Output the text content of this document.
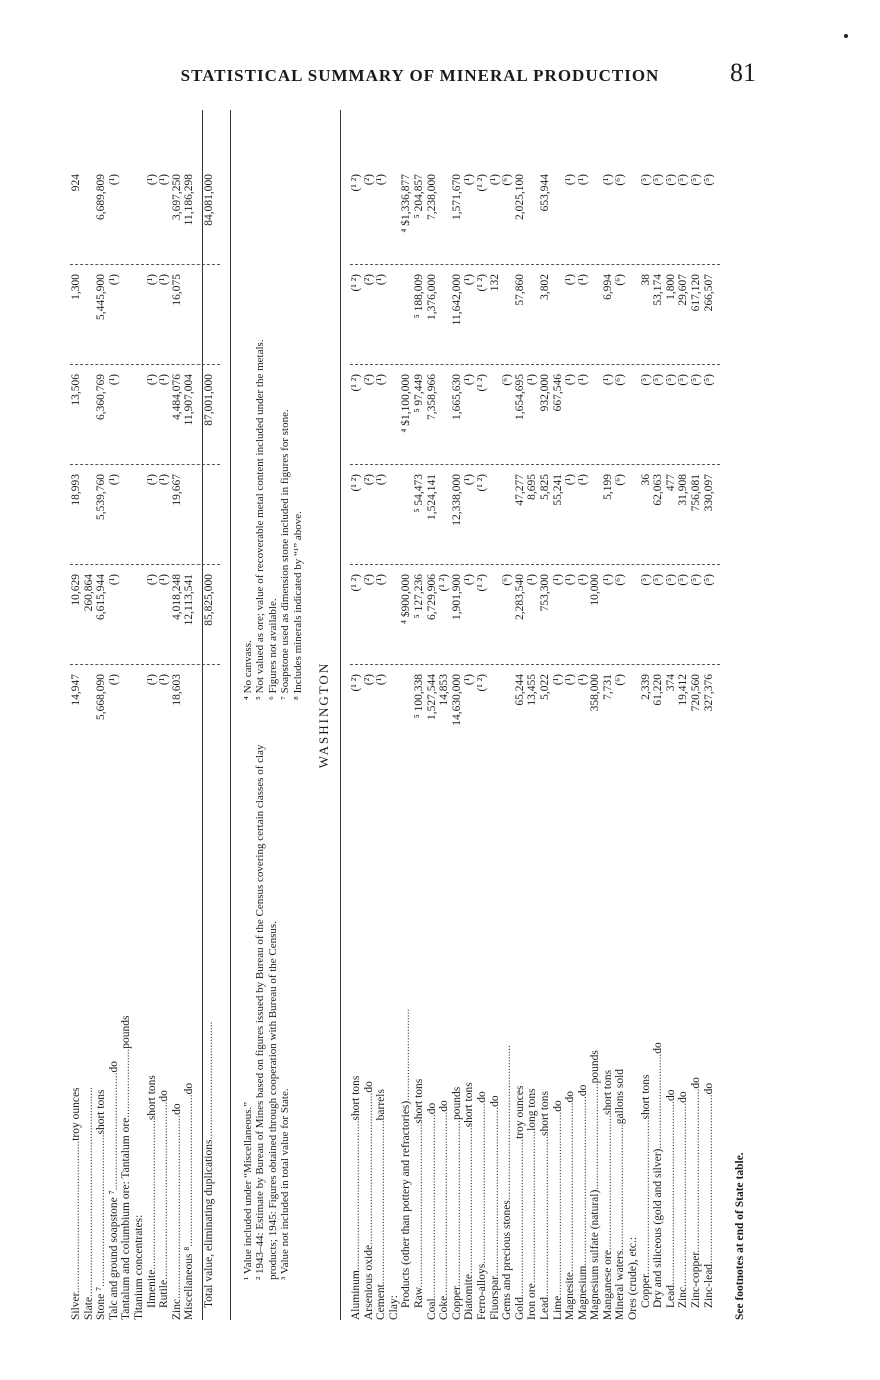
STATISTICAL SUMMARY OF MINERAL PRODUCTION	81
Silver.....................................................troy ounces
14,947
10,629
18,993
13,506
1,300
924
Slate.........................................................................
260,864
Stone ⁷.....................................................short tons
5,668,090
6,615,944
5,539,760
6,360,769
5,445,900
6,689,809
Talc and ground soapstone ⁷.........................................do
(¹)
(¹)
(¹)
(¹)
(¹)
(¹)
Tantalum and columbium ore: Tantalum ore........................pounds
Titanium concentrates: Ilmenite....................................................short tons
(¹)
(¹)
(¹)
(¹)
(¹)
(¹)
Rutile..............................................................do
(¹)
(¹)
(¹)
(¹)
(¹)
(¹)
Zinc................................................................do
18,603
4,018,248
19,667
4,484,076
16,075
3,697,250
Miscellaneous ⁸.....................................................do
12,113,541
11,907,004
11,186,298
Total value, eliminating duplications.........................................
85,825,000
87,001,000
84,081,000
¹ Value included under “Miscellaneous.” ² 1943–44: Estimate by Bureau of Mines based on figures issued by Bureau of the Census covering certain classes of clay products; 1945: Figures obtained through cooperation with Bureau of the Census. ³ Value not included in total value for State.
⁴ No canvass. ⁵ Not valued as ore; value of recoverable metal content included under the metals. ⁶ Figures not available. ⁷ Soapstone used as dimension stone included in figures for stone. ⁸ Includes minerals indicated by “¹” above.
WASHINGTON
Aluminum....................................................short tons
(¹ ²)
(¹ ²)
(¹ ²)
(¹ ²)
(¹ ²)
(¹ ²)
Arsenious oxide.....................................................do
(²)
(²)
(²)
(²)
(²)
(²)
Cement.........................................................barrels
(¹)
(¹)
(¹)
(¹)
(¹)
(¹)
Clay: Products (other than pottery and refractories)................................
⁴ $900,000
⁴ $1,100,000
⁴ $1,336,877
Raw.........................................................short tons
⁵ 100,338
⁵ 127,236
⁵ 54,473
⁵ 97,449
⁵ 188,009
⁵ 204,857
Coal................................................................do
1,527,544
6,729,906
1,524,141
7,358,966
1,376,000
7,238,000
Coke................................................................do
14,853
(¹ ²)
Copper..........................................................pounds
14,630,000
1,901,900
12,338,000
1,665,630
11,642,000
1,571,670
Diatomite...................................................short tons
(¹)
(¹)
(¹)
(¹)
(¹)
(¹)
Ferro-alloys........................................................do
(¹ ²)
(¹ ²)
(¹ ²)
(¹ ²)
(¹ ²)
(¹ ²)
Fluorspar...........................................................do
132
(¹)
Gems and precious stones......................................................
(⁶)
(⁶)
(⁶)
Gold.......................................................troy ounces
65,244
2,283,540
47,277
1,654,695
57,860
2,025,100
Iron ore.....................................................long tons
13,455
(¹)
8,695
(¹)
Lead........................................................short tons
5,022
753,300
5,825
932,000
3,802
653,944
Lime................................................................do
(¹)
(¹)
55,241
667,546
Magnesite...........................................................do
(¹)
(¹)
(¹)
(¹)
(¹)
(¹)
Magnesium...........................................................do
(¹)
(¹)
(¹)
(¹)
(¹)
(¹)
Magnesium sulfate (natural).....................................pounds
358,000
10,000
Manganese ore...............................................short tons
7,731
(¹)
5,199
(¹)
6,994
(¹)
Mineral waters............................................gallons sold
(⁶)
(⁶)
(⁶)
(⁶)
(⁶)
(⁶)
Ores (crude), etc.: Copper......................................................short tons
2,339
(⁵)
36
(⁵)
38
(⁵)
Dry and siliceous (gold and silver).................................do
61,220
(⁵)
62,063
(⁵)
53,174
(⁵)
Lead................................................................do
374
(⁵)
477
(⁵)
1,800
(⁵)
Zinc................................................................do
19,412
(⁵)
31,908
(⁵)
29,607
(⁵)
Zinc-copper.........................................................do
720,560
(⁵)
756,081
(⁵)
617,120
(⁵)
Zinc-lead...........................................................do
327,376
(⁵)
330,097
(⁵)
266,507
(⁵)
See footnotes at end of State table.
